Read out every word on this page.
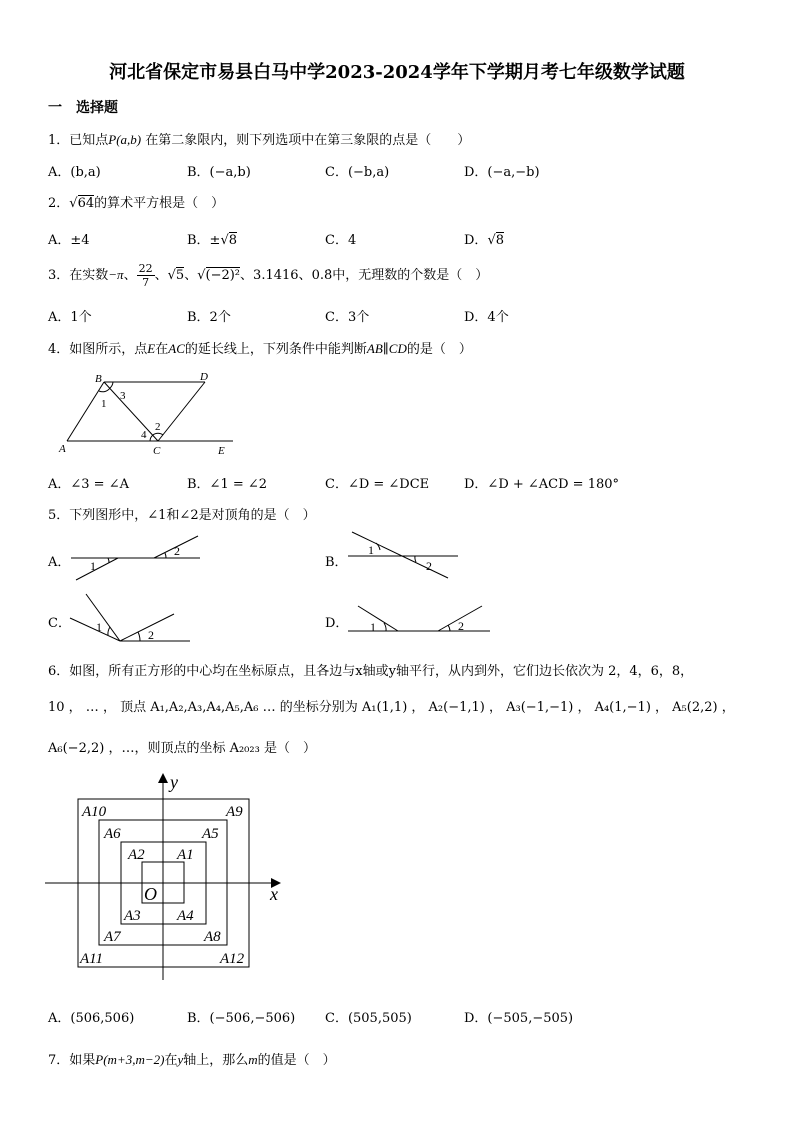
河北省保定市易县白马中学2023-2024学年下学期月考七年级数学试题
一　选择题
1．已知点P(a,b) 在第二象限内，则下列选项中在第三象限的点是（　　）
A．(b,a)	B．(−a,b)	C．(−b,a)	D．(−a,−b)
2．√64的算术平方根是（　）
A．±4	B．±√8	C．4	D．√8
3．在实数−π、 $\frac{22}{7}$ 、√5、√(−2)²、3.1416、0.8̇中，无理数的个数是（　）
A．1个	B．2个	C．3个	D．4个
4．如图所示，点E在AC的延长线上，下列条件中能判断AB∥CD的是（　）
B	D
A	C	E
1
3
2
4
A．∠3 = ∠A	B．∠1 = ∠2	C．∠D = ∠DCE	D．∠D + ∠ACD = 180°
5．下列图形中，∠1和∠2是对顶角的是（　）
A． 1
2
B．
1
2
C． 1
2
D． 1	2
6．如图，所有正方形的中心均在坐标原点，且各边与x轴或y轴平行，从内到外，它们边长依次为 2，4，6，8，
10 ， … ， 顶点 A₁,A₂,A₃,A₄,A₅,A₆ … 的坐标分别为 A₁(1,1) ， A₂(−1,1) ， A₃(−1,−1) ， A₄(1,−1) ， A₅(2,2) ，
A₆(−2,2) ，…，则顶点的坐标 A₂₀₂₃ 是（　）
y
x
O
A1
A2
A3 A4
A5
A6
A7	A8
A9
A10
A11	A12
A．(506,506)	B．(−506,−506) C．(505,505)	D．(−505,−505)
7．如果P(m+3,m−2)在y轴上，那么m的值是（　）
